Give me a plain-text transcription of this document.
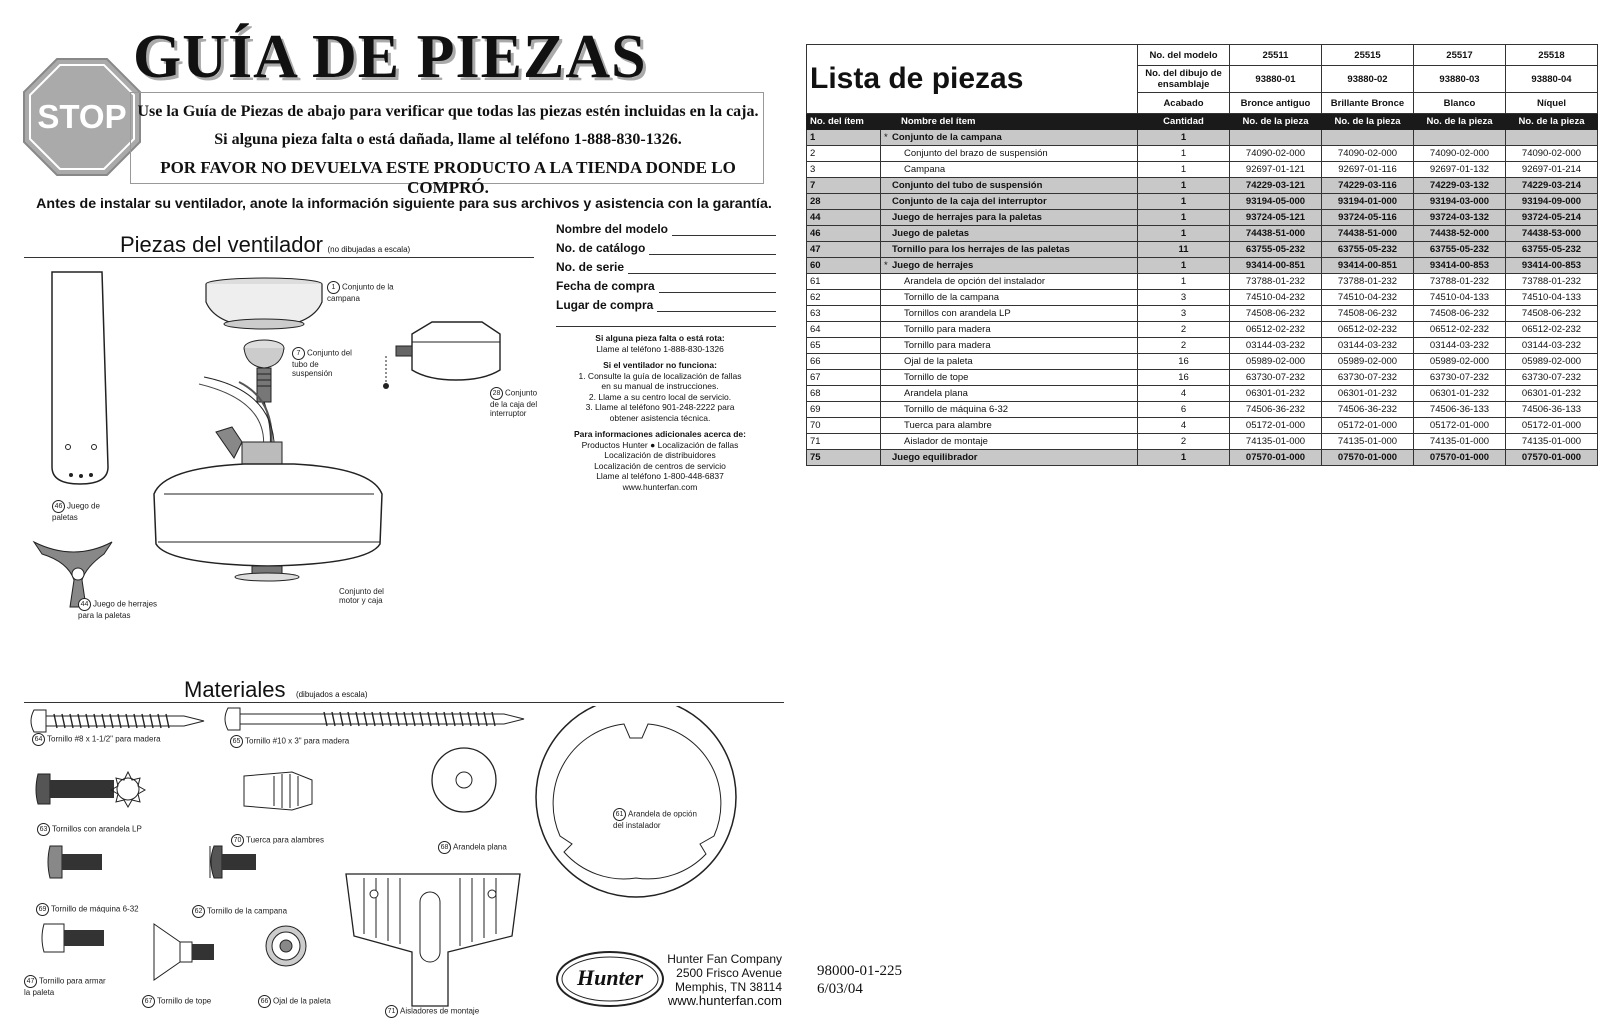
GUÍA DE PIEZAS
STOP Use la Guía de Piezas de abajo para verificar que todas las piezas estén incluidas en la caja.
Si alguna pieza falta o está dañada, llame al teléfono 1-888-830-1326.
POR FAVOR NO DEVUELVA ESTE PRODUCTO A LA TIENDA DONDE LO COMPRÓ.
Antes de instalar su ventilador, anote la información siguiente para sus archivos y asistencia con la garantía.
Piezas del ventilador (no dibujadas a escala)
1 Conjunto de la campana
7 Conjunto del tubo de suspensión
28 Conjunto de la caja del interruptor
46 Juego de paletas
44 Juego de herrajes para la paletas
Conjunto del motor y caja
Nombre del modelo
No. de catálogo
No. de serie
Fecha de compra
Lugar de compra
Si alguna pieza falta o está rota:
Llame al teléfono 1-888-830-1326
Si el ventilador no funciona:
1. Consulte la guía de localización de fallas
en su manual de instrucciones.
2. Llame a su centro local de servicio.
3. Llame al teléfono 901-248-2222 para
obtener asistencia técnica.
Para informaciones adicionales acerca de:
Productos Hunter ● Localización de fallas
Localización de distribuidores
Localización de centros de servicio
Llame al teléfono 1-800-448-6837
www.hunterfan.com
Materiales (dibujados a escala)
64 Tornillo #8 x 1-1/2" para madera	65 Tornillo #10 x 3" para madera
63 Tornillos con arandela LP
70 Tuerca para alambres
68 Arandela plana
61 Arandela de opción del instalador
69 Tornillo de máquina 6-32	62 Tornillo de la campana
47 Tornillo para armar la paleta
67 Tornillo de tope	66 Ojal de la paleta
71 Aisladores de montaje
Hunter
Hunter Fan Company
2500 Frisco Avenue
Memphis, TN 38114
www.hunterfan.com
98000-01-225
6/03/04
Lista de piezas		No. del modelo	25511	25515	25517	25518
		No. del dibujo de ensamblaje	93880-01	93880-02	93880-03	93880-04
		Acabado	Bronce antiguo	Brillante Bronce	Blanco	Níquel
No. del ítem	Nombre del ítem	Cantidad	No. de la pieza	No. de la pieza	No. de la pieza	No. de la pieza
1	* Conjunto de la campana	1				
2	Conjunto del brazo de suspensión	1	74090-02-000	74090-02-000	74090-02-000	74090-02-000
3	Campana	1	92697-01-121	92697-01-116	92697-01-132	92697-01-214
7	Conjunto del tubo de suspensión	1	74229-03-121	74229-03-116	74229-03-132	74229-03-214
28	Conjunto de la caja del interruptor	1	93194-05-000	93194-01-000	93194-03-000	93194-09-000
44	Juego de herrajes para la paletas	1	93724-05-121	93724-05-116	93724-03-132	93724-05-214
46	Juego de paletas	1	74438-51-000	74438-51-000	74438-52-000	74438-53-000
47	Tornillo para los herrajes de las paletas	11	63755-05-232	63755-05-232	63755-05-232	63755-05-232
60	* Juego de herrajes	1	93414-00-851	93414-00-851	93414-00-853	93414-00-853
61	Arandela de opción del instalador	1	73788-01-232	73788-01-232	73788-01-232	73788-01-232
62	Tornillo de la campana	3	74510-04-232	74510-04-232	74510-04-133	74510-04-133
63	Tornillos con arandela LP	3	74508-06-232	74508-06-232	74508-06-232	74508-06-232
64	Tornillo para madera	2	06512-02-232	06512-02-232	06512-02-232	06512-02-232
65	Tornillo para madera	2	03144-03-232	03144-03-232	03144-03-232	03144-03-232
66	Ojal de la paleta	16	05989-02-000	05989-02-000	05989-02-000	05989-02-000
67	Tornillo de tope	16	63730-07-232	63730-07-232	63730-07-232	63730-07-232
68	Arandela plana	4	06301-01-232	06301-01-232	06301-01-232	06301-01-232
69	Tornillo de máquina 6-32	6	74506-36-232	74506-36-232	74506-36-133	74506-36-133
70	Tuerca para alambre	4	05172-01-000	05172-01-000	05172-01-000	05172-01-000
71	Aislador de montaje	2	74135-01-000	74135-01-000	74135-01-000	74135-01-000
75	Juego equilibrador	1	07570-01-000	07570-01-000	07570-01-000	07570-01-000
